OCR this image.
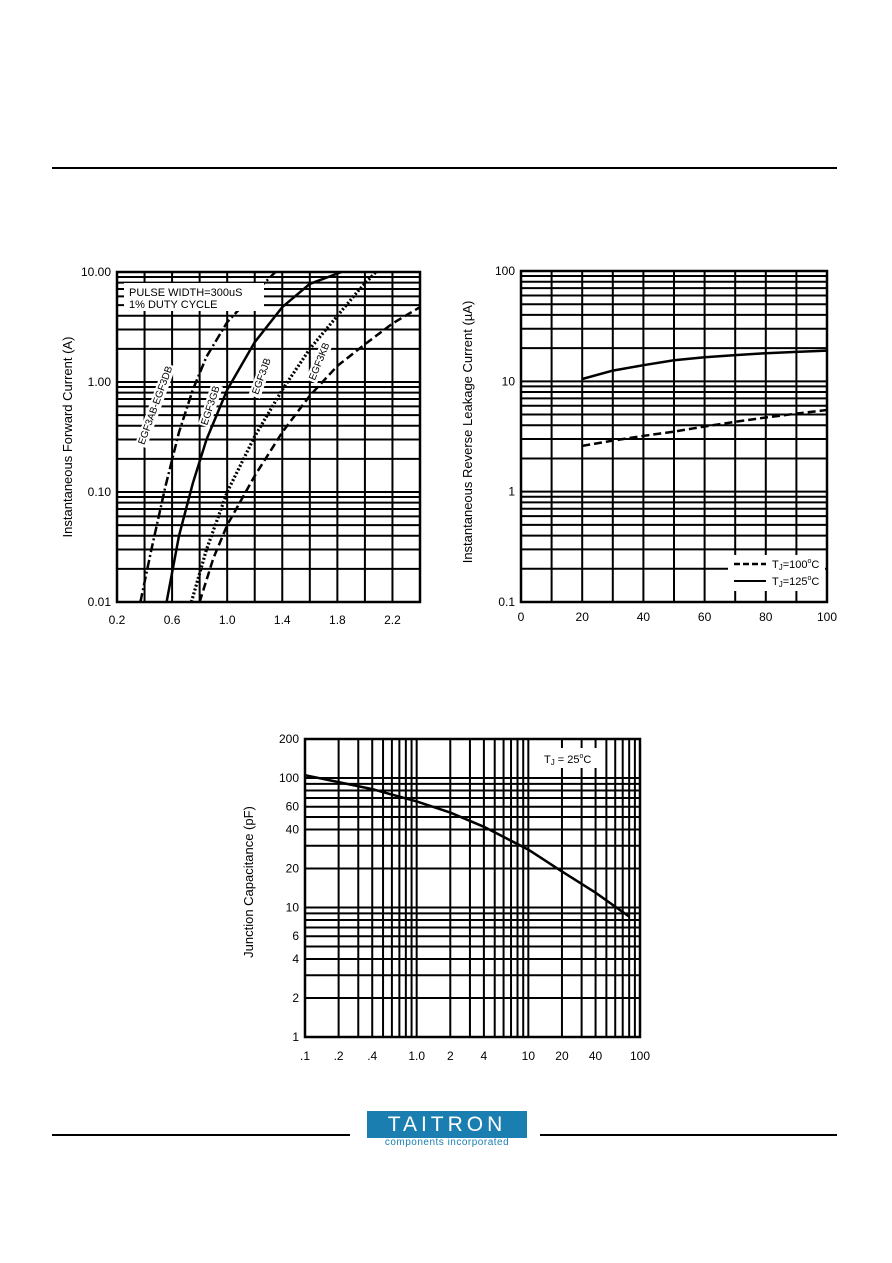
0.2	0.6	1.0	1.4	1.8	2.2
0.01
0.10
1.00
10.00
PULSE WIDTH=300uS
1% DUTY CYCLE
Instantaneous Forward Current (A)	EGF3AB-EGF3DB EGF3GB
EGF3JB	EGF3KB
0	20	40	60	80	100
0.1
1
10
100
$TJ=100^oC$
$TJ=125^oC$
Instantaneous Reverse Leakage Current (µA)
.1 .2 .4	1.0 2 4	10 20 40 100
1
2
4
6
10
20
40
60
100
200
TJ = $25^oC$
Junction Capacitance (pF)
TAITRON
components incorporated
